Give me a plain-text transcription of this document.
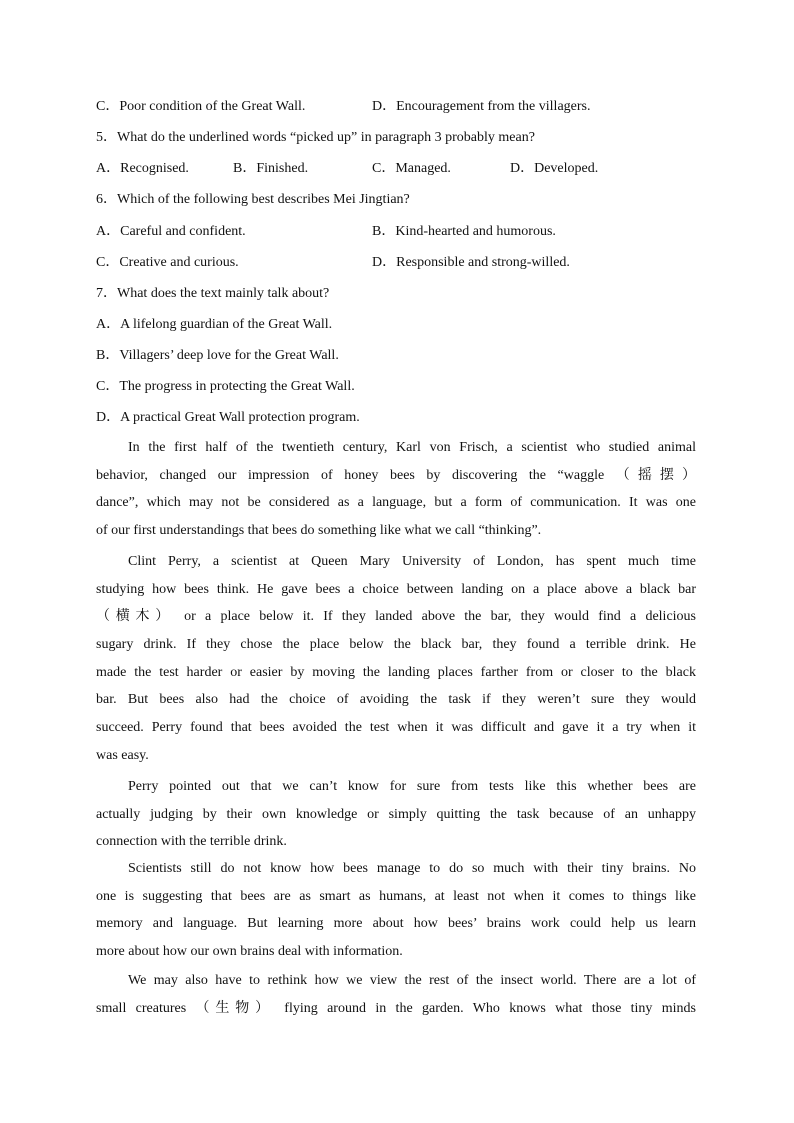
C．Poor condition of the Great Wall.	D．Encouragement from the villagers.
5．What do the underlined words “picked up” in paragraph 3 probably mean?
A．Recognised.	B．Finished.	C．Managed.	D．Developed.
6．Which of the following best describes Mei Jingtian?
A．Careful and confident.	B．Kind-hearted and humorous.
C．Creative and curious.	D．Responsible and strong-willed.
7．What does the text mainly talk about?
A．A lifelong guardian of the Great Wall.
B．Villagers’ deep love for the Great Wall.
C．The progress in protecting the Great Wall.
D．A practical Great Wall protection program.
In the first half of the twentieth century, Karl von Frisch, a scientist who studied animal
behavior, changed our impression of honey bees by discovering the “waggle （摇摆）
dance”, which may not be considered as a language, but a form of communication. It was one
of our first understandings that bees do something like what we call “thinking”.
Clint Perry, a scientist at Queen Mary University of London, has spent much time
studying how bees think. He gave bees a choice between landing on a place above a black bar
（横木） or a place below it. If they landed above the bar, they would find a delicious
sugary drink. If they chose the place below the black bar, they found a terrible drink. He
made the test harder or easier by moving the landing places farther from or closer to the black
bar. But bees also had the choice of avoiding the task if they weren’t sure they would
succeed. Perry found that bees avoided the test when it was difficult and gave it a try when it
was easy.
Perry pointed out that we can’t know for sure from tests like this whether bees are
actually judging by their own knowledge or simply quitting the task because of an unhappy
connection with the terrible drink.
Scientists still do not know how bees manage to do so much with their tiny brains. No
one is suggesting that bees are as smart as humans, at least not when it comes to things like
memory and language. But learning more about how bees’ brains work could help us learn
more about how our own brains deal with information.
We may also have to rethink how we view the rest of the insect world. There are a lot of
small creatures （生物） flying around in the garden. Who knows what those tiny minds
